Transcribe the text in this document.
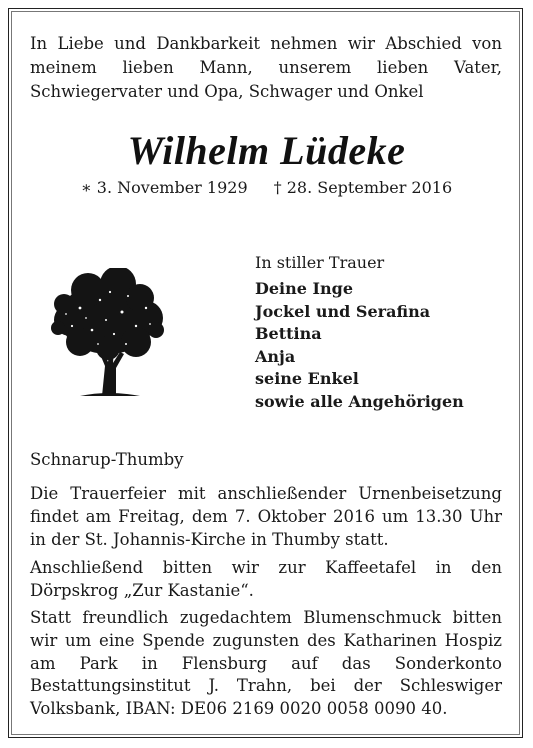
In Liebe und Dankbarkeit nehmen wir Abschied von meinem lieben Mann, unserem lieben Vater, Schwiegervater und Opa, Schwager und Onkel
Wilhelm Lüdeke
∗ 3. November 1929 † 28. September 2016
In stiller Trauer
Deine Inge
Jockel und Serafina
Bettina
Anja
seine Enkel
sowie alle Angehörigen
Schnarup-Thumby
Die Trauerfeier mit anschließender Urnenbeisetzung findet am Freitag, dem 7. Oktober 2016 um 13.30 Uhr in der St. Johannis-Kirche in Thumby statt.
Anschließend bitten wir zur Kaffeetafel in den Dörpskrog „Zur Kastanie“.
Statt freundlich zugedachtem Blumenschmuck bitten wir um eine Spende zugunsten des Katharinen Hospiz am Park in Flensburg auf das Sonderkonto Bestattungsinstitut J. Trahn, bei der Schleswiger Volksbank, IBAN: DE06 2169 0020 0058 0090 40.
